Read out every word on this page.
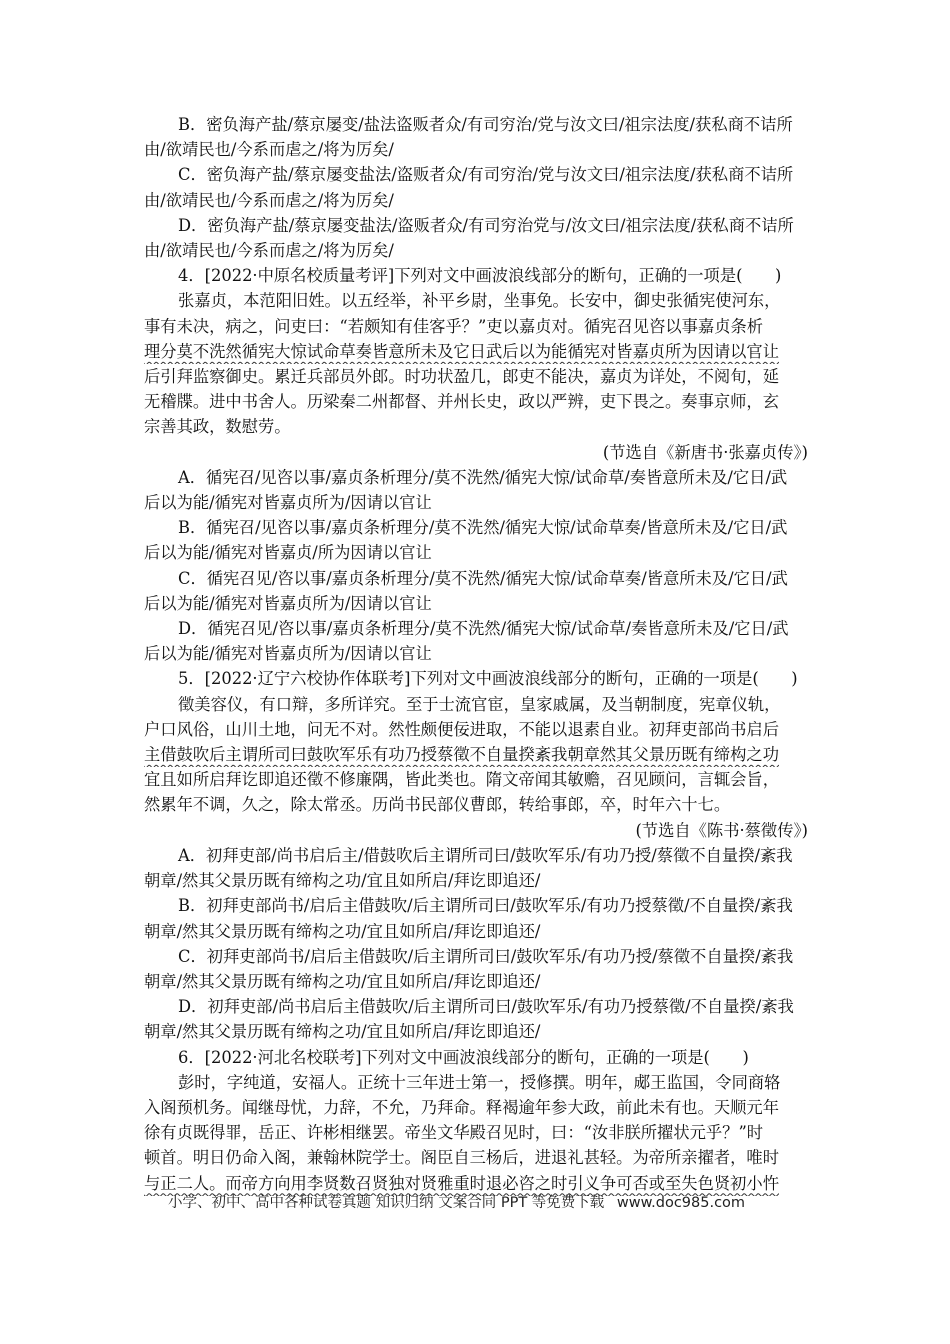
B．密负海产盐/蔡京屡变/盐法盗贩者众/有司穷治/党与汝文曰/祖宗法度/获私商不诘所

由/欲靖民也/今系而虐之/将为厉矣/

C．密负海产盐/蔡京屡变盐法/盗贩者众/有司穷治/党与汝文曰/祖宗法度/获私商不诘所

由/欲靖民也/今系而虐之/将为厉矣/

D．密负海产盐/蔡京屡变盐法/盗贩者众/有司穷治党与/汝文曰/祖宗法度/获私商不诘所

由/欲靖民也/今系而虐之/将为厉矣/

4．[2022·中原名校质量考评]下列对文中画波浪线部分的断句，正确的一项是(　　)

张嘉贞，本范阳旧姓。以五经举，补平乡尉，坐事免。长安中，御史张循宪使河东，

事有未决，病之，问吏曰：“若颇知有佳客乎？”吏以嘉贞对。循宪召见咨以事嘉贞条析

理分莫不洗然循宪大惊试命草奏皆意所未及它日武后以为能循宪对皆嘉贞所为因请以官让

后引拜监察御史。累迁兵部员外郎。时功状盈几，郎吏不能决，嘉贞为详处，不阅旬，延

无稽牒。进中书舍人。历梁秦二州都督、并州长史，政以严辨，吏下畏之。奏事京师，玄

宗善其政，数慰劳。

(节选自《新唐书·张嘉贞传》)

A．循宪召/见咨以事/嘉贞条析理分/莫不洗然/循宪大惊/试命草/奏皆意所未及/它日/武

后以为能/循宪对皆嘉贞所为/因请以官让

B．循宪召/见咨以事/嘉贞条析理分/莫不洗然/循宪大惊/试命草奏/皆意所未及/它日/武

后以为能/循宪对皆嘉贞/所为因请以官让

C．循宪召见/咨以事/嘉贞条析理分/莫不洗然/循宪大惊/试命草奏/皆意所未及/它日/武

后以为能/循宪对皆嘉贞所为/因请以官让

D．循宪召见/咨以事/嘉贞条析理分/莫不洗然/循宪大惊/试命草/奏皆意所未及/它日/武

后以为能/循宪对皆嘉贞所为/因请以官让

5．[2022·辽宁六校协作体联考]下列对文中画波浪线部分的断句，正确的一项是(　　)

徵美容仪，有口辩，多所详究。至于士流官宦，皇家戚属，及当朝制度，宪章仪轨，

户口风俗，山川土地，问无不对。然性颇便佞进取，不能以退素自业。初拜吏部尚书启后

主借鼓吹后主谓所司曰鼓吹军乐有功乃授蔡徵不自量揆紊我朝章然其父景历既有缔构之功

宜且如所启拜讫即追还徵不修廉隅，皆此类也。隋文帝闻其敏赡，召见顾问，言辄会旨，

然累年不调，久之，除太常丞。历尚书民部仪曹郎，转给事郎，卒，时年六十七。

(节选自《陈书·蔡徵传》)

A．初拜吏部/尚书启后主/借鼓吹后主谓所司曰/鼓吹军乐/有功乃授/蔡徵不自量揆/紊我

朝章/然其父景历既有缔构之功/宜且如所启/拜讫即追还/

B．初拜吏部尚书/启后主借鼓吹/后主谓所司曰/鼓吹军乐/有功乃授蔡徵/不自量揆/紊我

朝章/然其父景历既有缔构之功/宜且如所启/拜讫即追还/

C．初拜吏部尚书/启后主借鼓吹/后主谓所司曰/鼓吹军乐/有功乃授/蔡徵不自量揆/紊我

朝章/然其父景历既有缔构之功/宜且如所启/拜讫即追还/

D．初拜吏部/尚书启后主借鼓吹/后主谓所司曰/鼓吹军乐/有功乃授蔡徵/不自量揆/紊我

朝章/然其父景历既有缔构之功/宜且如所启/拜讫即追还/

6．[2022·河北名校联考]下列对文中画波浪线部分的断句，正确的一项是(　　)

彭时，字纯道，安福人。正统十三年进士第一，授修撰。明年，郕王监国，令同商辂

入阁预机务。闻继母忧，力辞，不允，乃拜命。释褐逾年参大政，前此未有也。天顺元年

徐有贞既得罪，岳正、许彬相继罢。帝坐文华殿召见时，曰：“汝非朕所擢状元乎？”时

顿首。明日仍命入阁，兼翰林院学士。阁臣自三杨后，进退礼甚轻。为帝所亲擢者，唯时

与正二人。而帝方向用李贤数召贤独对贤雅重时退必咨之时引义争可否或至失色贤初小忤

小学、初中、高中各种试卷真题 知识归纳 文案合同 PPT 等免费下载 www.doc985.com
